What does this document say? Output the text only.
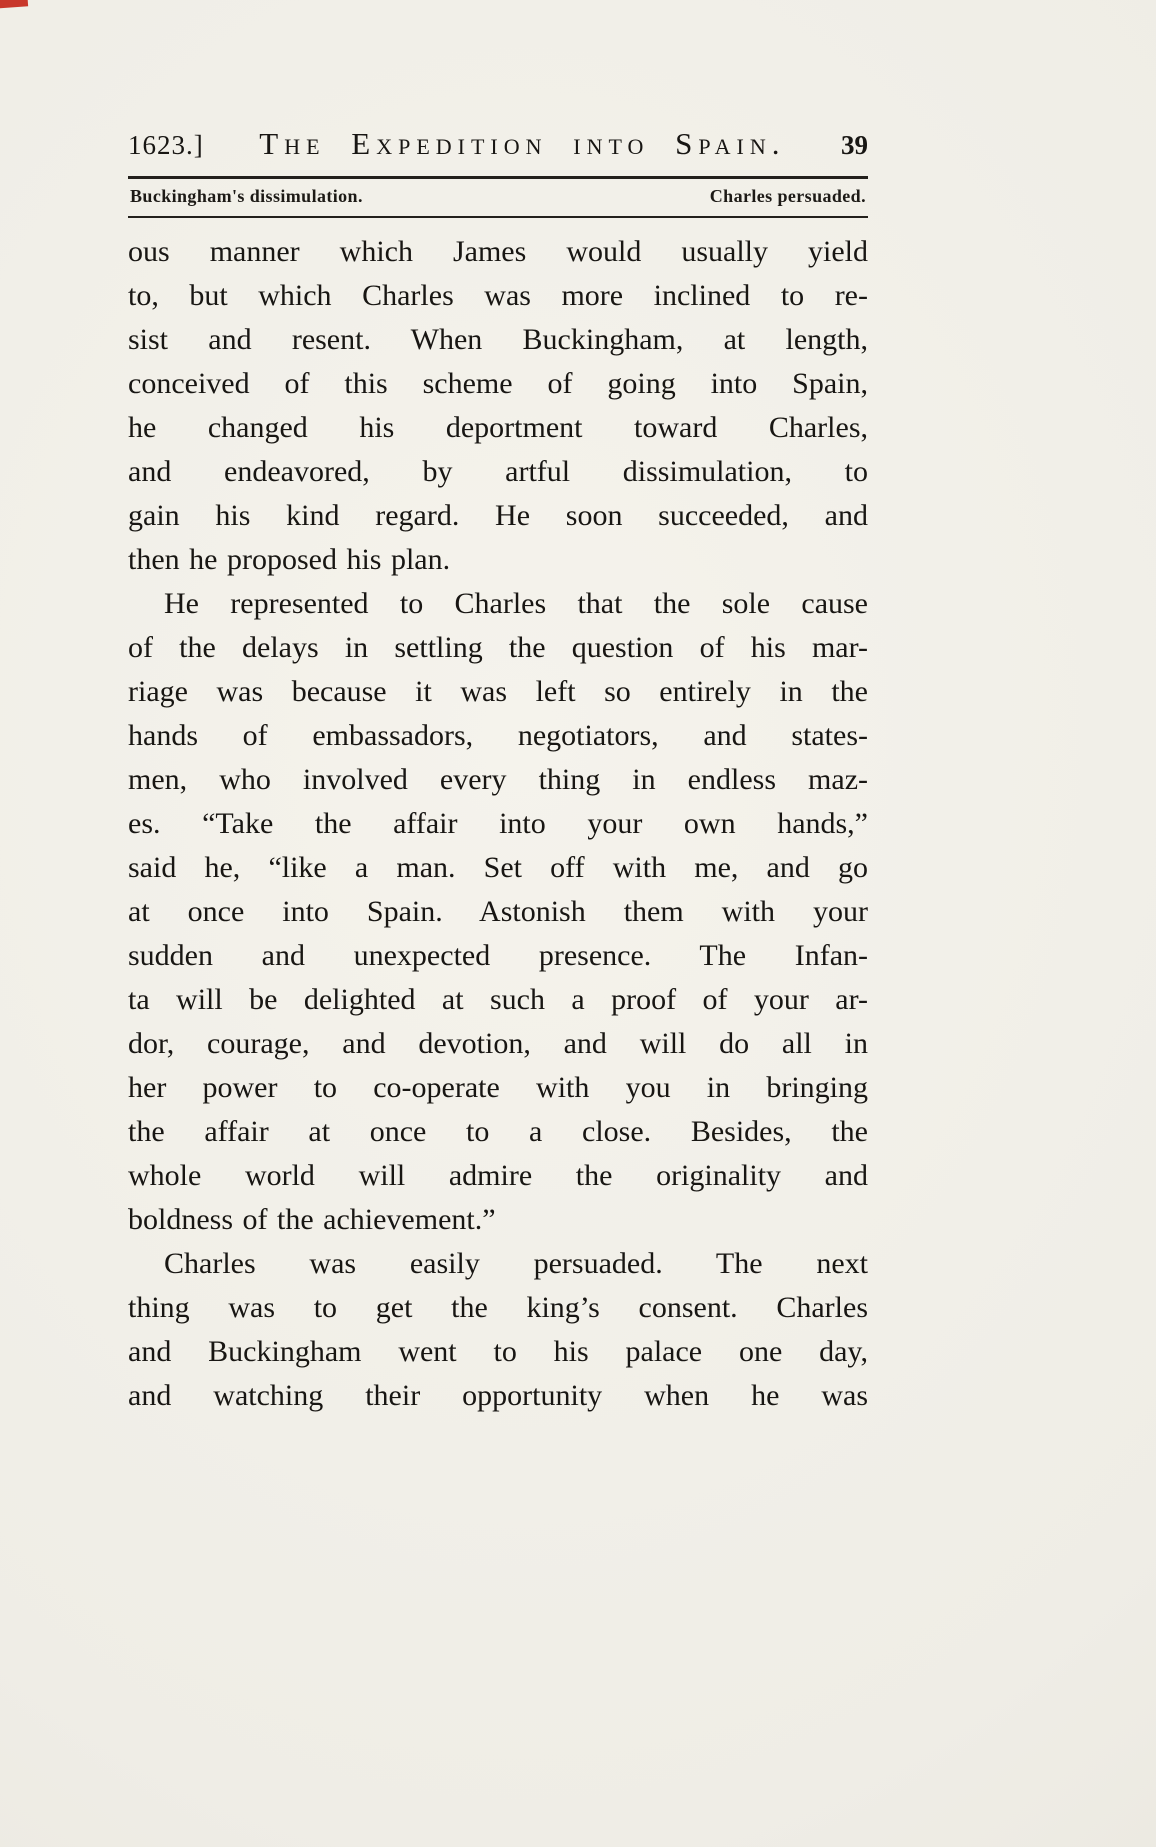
1623.]	The Expedition into Spain.	39
Buckingham's dissimulation.	Charles persuaded.
ous manner which James would usually yield
to, but which Charles was more inclined to re-
sist and resent. When Buckingham, at length,
conceived of this scheme of going into Spain,
he changed his deportment toward Charles,
and endeavored, by artful dissimulation, to
gain his kind regard. He soon succeeded, and
then he proposed his plan.
He represented to Charles that the sole cause
of the delays in settling the question of his mar-
riage was because it was left so entirely in the
hands of embassadors, negotiators, and states-
men, who involved every thing in endless maz-
es. “Take the affair into your own hands,”
said he, “like a man. Set off with me, and go
at once into Spain. Astonish them with your
sudden and unexpected presence. The Infan-
ta will be delighted at such a proof of your ar-
dor, courage, and devotion, and will do all in
her power to co-operate with you in bringing
the affair at once to a close. Besides, the
whole world will admire the originality and
boldness of the achievement.”
Charles was easily persuaded. The next
thing was to get the king’s consent. Charles
and Buckingham went to his palace one day,
and watching their opportunity when he was
